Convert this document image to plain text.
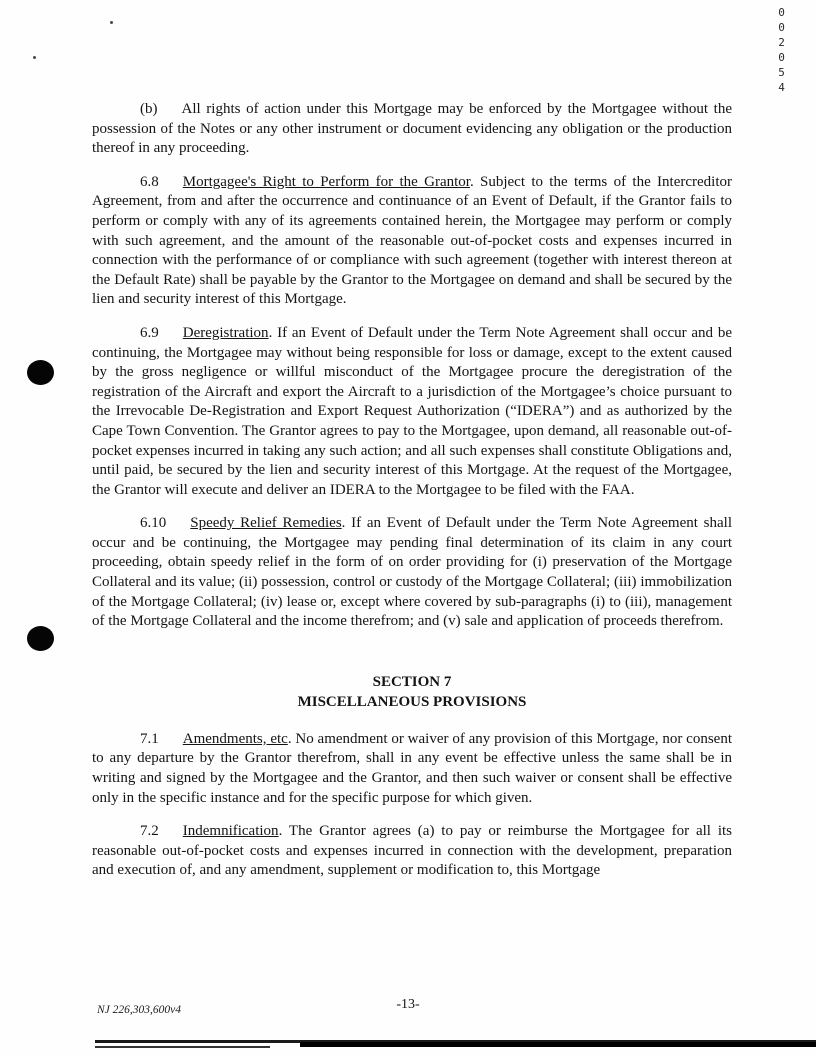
002054

(b) All rights of action under this Mortgage may be enforced by the Mortgagee without the possession of the Notes or any other instrument or document evidencing any obligation or the production thereof in any proceeding.

6.8 Mortgagee's Right to Perform for the Grantor. Subject to the terms of the Intercreditor Agreement, from and after the occurrence and continuance of an Event of Default, if the Grantor fails to perform or comply with any of its agreements contained herein, the Mortgagee may perform or comply with such agreement, and the amount of the reasonable out-of-pocket costs and expenses incurred in connection with the performance of or compliance with such agreement (together with interest thereon at the Default Rate) shall be payable by the Grantor to the Mortgagee on demand and shall be secured by the lien and security interest of this Mortgage.

6.9 Deregistration. If an Event of Default under the Term Note Agreement shall occur and be continuing, the Mortgagee may without being responsible for loss or damage, except to the extent caused by the gross negligence or willful misconduct of the Mortgagee procure the deregistration of the registration of the Aircraft and export the Aircraft to a jurisdiction of the Mortgagee’s choice pursuant to the Irrevocable De-Registration and Export Request Authorization (“IDERA”) and as authorized by the Cape Town Convention. The Grantor agrees to pay to the Mortgagee, upon demand, all reasonable out-of-pocket expenses incurred in taking any such action; and all such expenses shall constitute Obligations and, until paid, be secured by the lien and security interest of this Mortgage. At the request of the Mortgagee, the Grantor will execute and deliver an IDERA to the Mortgagee to be filed with the FAA.

6.10 Speedy Relief Remedies. If an Event of Default under the Term Note Agreement shall occur and be continuing, the Mortgagee may pending final determination of its claim in any court proceeding, obtain speedy relief in the form of on order providing for (i) preservation of the Mortgage Collateral and its value; (ii) possession, control or custody of the Mortgage Collateral; (iii) immobilization of the Mortgage Collateral; (iv) lease or, except where covered by sub-paragraphs (i) to (iii), management of the Mortgage Collateral and the income therefrom; and (v) sale and application of proceeds therefrom.

SECTION 7
MISCELLANEOUS PROVISIONS

7.1 Amendments, etc. No amendment or waiver of any provision of this Mortgage, nor consent to any departure by the Grantor therefrom, shall in any event be effective unless the same shall be in writing and signed by the Mortgagee and the Grantor, and then such waiver or consent shall be effective only in the specific instance and for the specific purpose for which given.

7.2 Indemnification. The Grantor agrees (a) to pay or reimburse the Mortgagee for all its reasonable out-of-pocket costs and expenses incurred in connection with the development, preparation and execution of, and any amendment, supplement or modification to, this Mortgage

NJ 226,303,600v4	-13-
